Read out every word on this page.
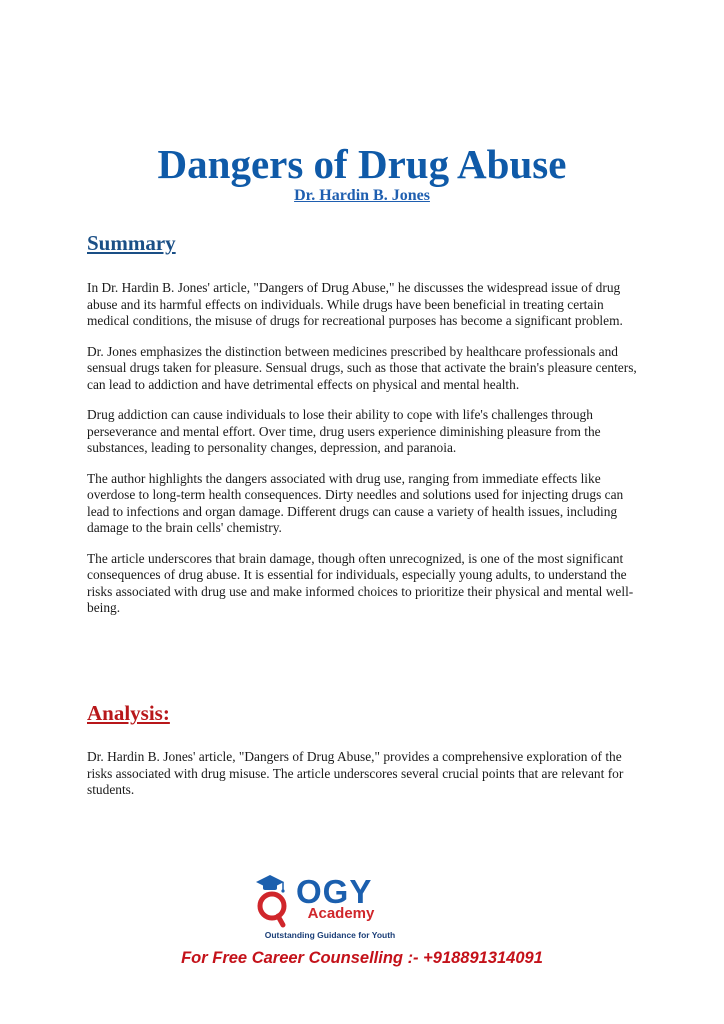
Dangers of Drug Abuse
Dr. Hardin B. Jones
Summary

In Dr. Hardin B. Jones' article, "Dangers of Drug Abuse," he discusses the widespread issue of drug abuse and its harmful effects on individuals. While drugs have been beneficial in treating certain medical conditions, the misuse of drugs for recreational purposes has become a significant problem.

Dr. Jones emphasizes the distinction between medicines prescribed by healthcare professionals and sensual drugs taken for pleasure. Sensual drugs, such as those that activate the brain's pleasure centers, can lead to addiction and have detrimental effects on physical and mental health.

Drug addiction can cause individuals to lose their ability to cope with life's challenges through perseverance and mental effort. Over time, drug users experience diminishing pleasure from the substances, leading to personality changes, depression, and paranoia.

The author highlights the dangers associated with drug use, ranging from immediate effects like overdose to long-term health consequences. Dirty needles and solutions used for injecting drugs can lead to infections and organ damage. Different drugs can cause a variety of health issues, including damage to the brain cells' chemistry.

The article underscores that brain damage, though often unrecognized, is one of the most significant consequences of drug abuse. It is essential for individuals, especially young adults, to understand the risks associated with drug use and make informed choices to prioritize their physical and mental well-being.

Analysis:

Dr. Hardin B. Jones' article, "Dangers of Drug Abuse," provides a comprehensive exploration of the risks associated with drug misuse. The article underscores several crucial points that are relevant for students.

OGY
Academy
Outstanding Guidance for Youth
For Free Career Counselling :- +918891314091
